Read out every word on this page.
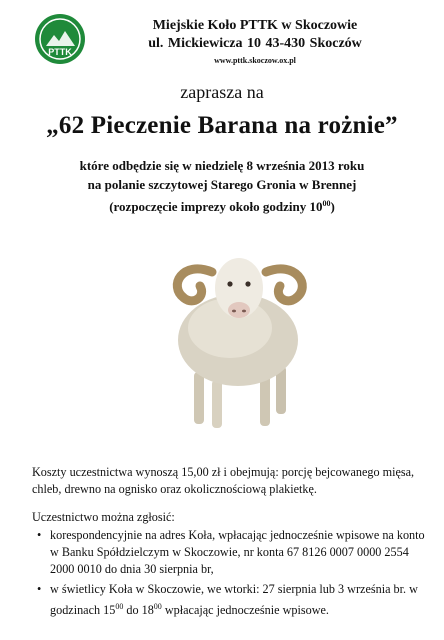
PTTK
Miejskie Koło PTTK w Skoczowie
ul. Mickiewicza 10 43-430 Skoczów
www.pttk.skoczow.ox.pl
zaprasza na
„62 Pieczenie Barana na rożnie”
które odbędzie się w niedzielę 8 września 2013 roku
na polanie szczytowej Starego Gronia w Brennej
(rozpoczęcie imprezy około godziny $10^{00}$)
Koszty uczestnictwa wynoszą 15,00 zł i obejmują: porcję bejcowanego mięsa, chleb, drewno na ognisko oraz okolicznościową plakietkę.
Uczestnictwo można zgłosić:
• korespondencyjnie na adres Koła, wpłacając jednocześnie wpisowe na konto w Banku Spółdzielczym w Skoczowie, nr konta 67 8126 0007 0000 2554 2000 0010 do dnia 30 sierpnia br,
• w świetlicy Koła w Skoczowie, we wtorki: 27 sierpnia lub 3 września br. w godzinach $15^{00}$ do $18^{00}$ wpłacając jednocześnie wpisowe.
